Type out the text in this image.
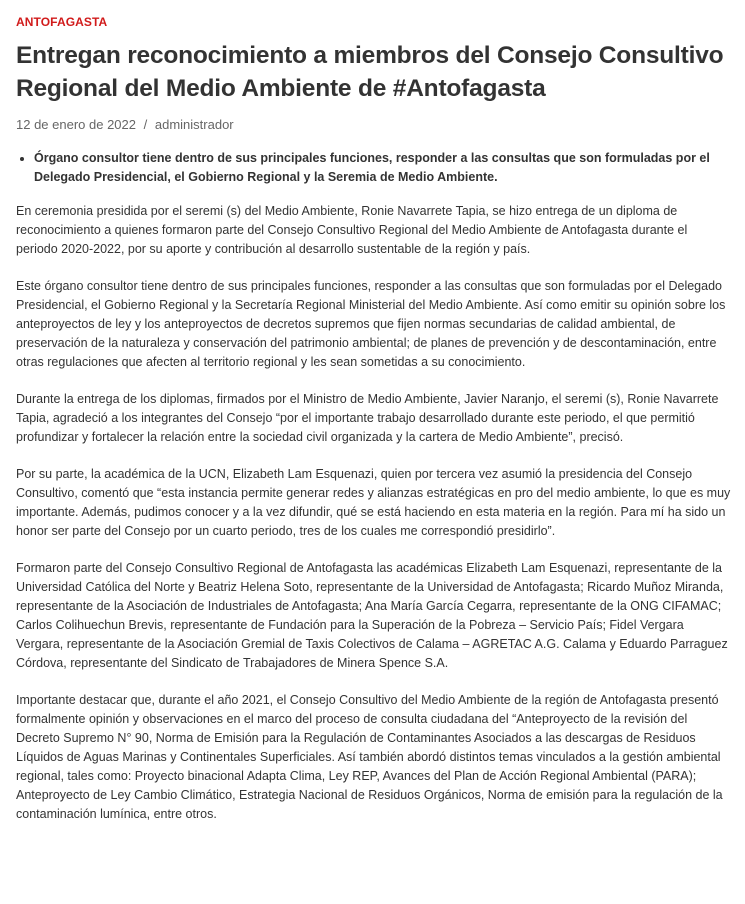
ANTOFAGASTA
Entregan reconocimiento a miembros del Consejo Consultivo Regional del Medio Ambiente de #Antofagasta
12 de enero de 2022 / administrador
• Órgano consultor tiene dentro de sus principales funciones, responder a las consultas que son formuladas por el Delegado Presidencial, el Gobierno Regional y la Seremia de Medio Ambiente.

En ceremonia presidida por el seremi (s) del Medio Ambiente, Ronie Navarrete Tapia, se hizo entrega de un diploma de reconocimiento a quienes formaron parte del Consejo Consultivo Regional del Medio Ambiente de Antofagasta durante el periodo 2020-2022, por su aporte y contribución al desarrollo sustentable de la región y país.

Este órgano consultor tiene dentro de sus principales funciones, responder a las consultas que son formuladas por el Delegado Presidencial, el Gobierno Regional y la Secretaría Regional Ministerial del Medio Ambiente. Así como emitir su opinión sobre los anteproyectos de ley y los anteproyectos de decretos supremos que fijen normas secundarias de calidad ambiental, de preservación de la naturaleza y conservación del patrimonio ambiental; de planes de prevención y de descontaminación, entre otras regulaciones que afecten al territorio regional y les sean sometidas a su conocimiento.

Durante la entrega de los diplomas, firmados por el Ministro de Medio Ambiente, Javier Naranjo, el seremi (s), Ronie Navarrete Tapia, agradeció a los integrantes del Consejo “por el importante trabajo desarrollado durante este periodo, el que permitió profundizar y fortalecer la relación entre la sociedad civil organizada y la cartera de Medio Ambiente”, precisó.

Por su parte, la académica de la UCN, Elizabeth Lam Esquenazi, quien por tercera vez asumió la presidencia del Consejo Consultivo, comentó que “esta instancia permite generar redes y alianzas estratégicas en pro del medio ambiente, lo que es muy importante. Además, pudimos conocer y a la vez difundir, qué se está haciendo en esta materia en la región. Para mí ha sido un honor ser parte del Consejo por un cuarto periodo, tres de los cuales me correspondió presidirlo”.

Formaron parte del Consejo Consultivo Regional de Antofagasta las académicas Elizabeth Lam Esquenazi, representante de la Universidad Católica del Norte y Beatriz Helena Soto, representante de la Universidad de Antofagasta; Ricardo Muñoz Miranda, representante de la Asociación de Industriales de Antofagasta; Ana María García Cegarra, representante de la ONG CIFAMAC; Carlos Colihuechun Brevis, representante de Fundación para la Superación de la Pobreza – Servicio País; Fidel Vergara Vergara, representante de la Asociación Gremial de Taxis Colectivos de Calama – AGRETAC A.G. Calama y Eduardo Parraguez Córdova, representante del Sindicato de Trabajadores de Minera Spence S.A.

Importante destacar que, durante el año 2021, el Consejo Consultivo del Medio Ambiente de la región de Antofagasta presentó formalmente opinión y observaciones en el marco del proceso de consulta ciudadana del “Anteproyecto de la revisión del Decreto Supremo N° 90, Norma de Emisión para la Regulación de Contaminantes Asociados a las descargas de Residuos Líquidos de Aguas Marinas y Continentales Superficiales. Así también abordó distintos temas vinculados a la gestión ambiental regional, tales como: Proyecto binacional Adapta Clima, Ley REP, Avances del Plan de Acción Regional Ambiental (PARA); Anteproyecto de Ley Cambio Climático, Estrategia Nacional de Residuos Orgánicos, Norma de emisión para la regulación de la contaminación lumínica, entre otros.
